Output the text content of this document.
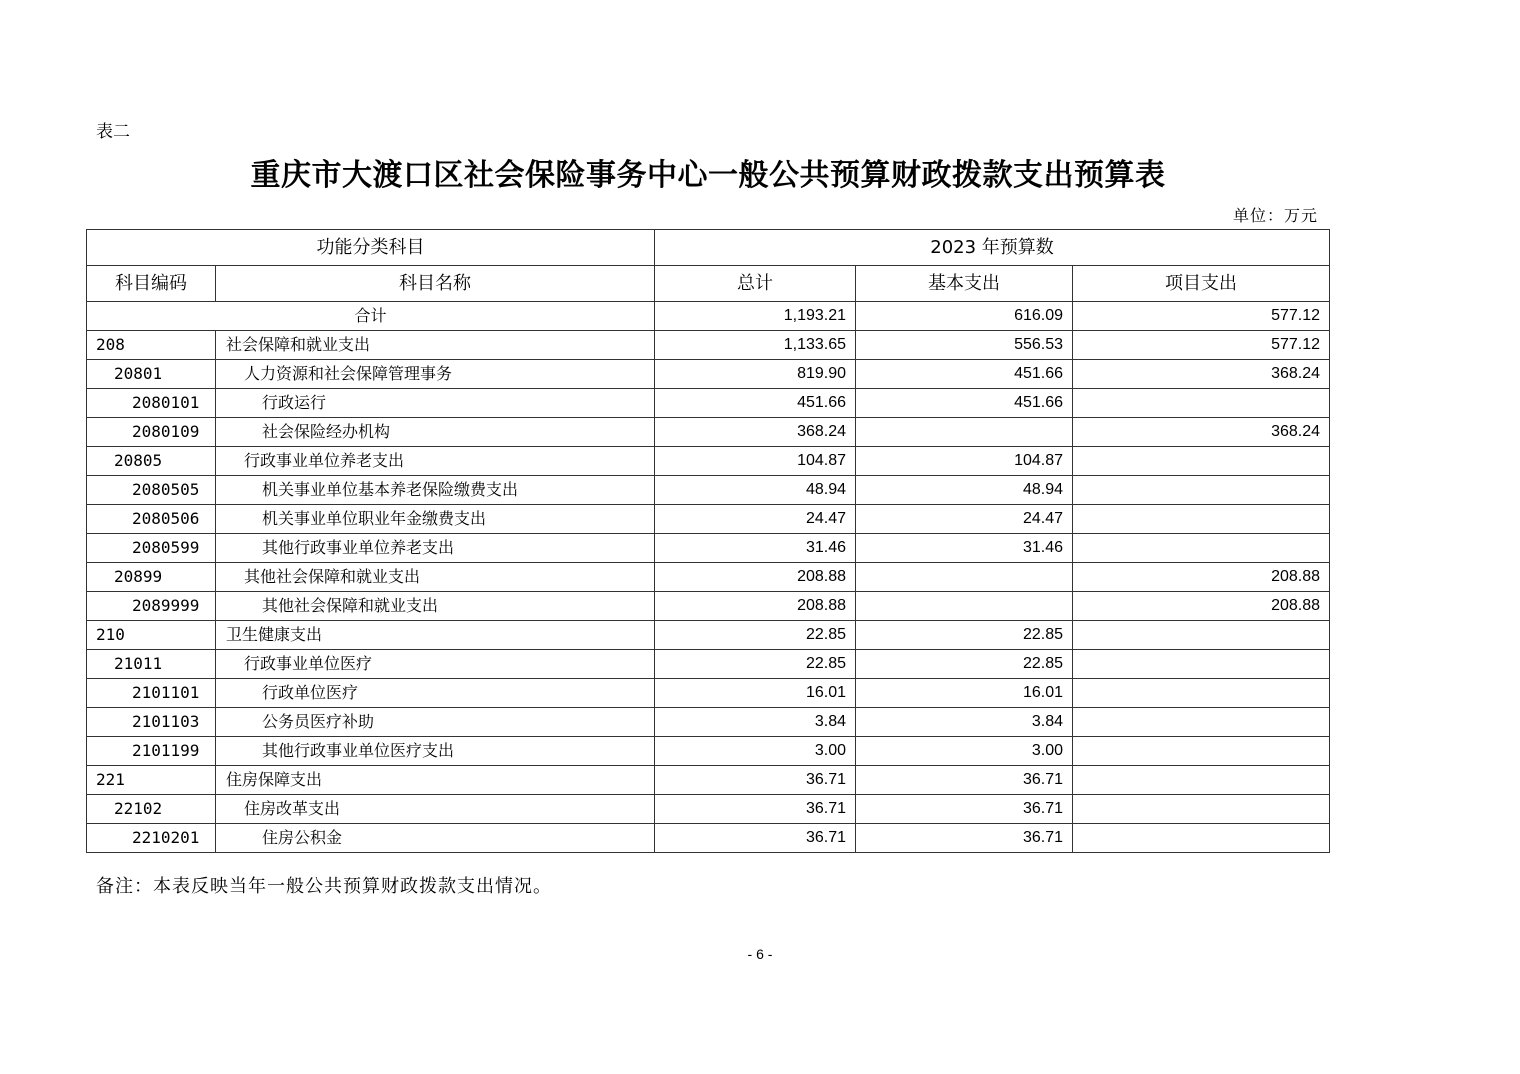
表二
重庆市大渡口区社会保险事务中心一般公共预算财政拨款支出预算表
单位：万元
功能分类科目		2023 年预算数		
科目编码	科目名称	总计	基本支出	项目支出
合计		1,193.21	616.09	577.12
208	社会保障和就业支出	1,133.65	556.53	577.12
20801	人力资源和社会保障管理事务	819.90	451.66	368.24
2080101	行政运行	451.66	451.66	
2080109	社会保险经办机构	368.24		368.24
20805	行政事业单位养老支出	104.87	104.87	
2080505	机关事业单位基本养老保险缴费支出	48.94	48.94	
2080506	机关事业单位职业年金缴费支出	24.47	24.47	
2080599	其他行政事业单位养老支出	31.46	31.46	
20899	其他社会保障和就业支出	208.88		208.88
2089999	其他社会保障和就业支出	208.88		208.88
210	卫生健康支出	22.85	22.85	
21011	行政事业单位医疗	22.85	22.85	
2101101	行政单位医疗	16.01	16.01	
2101103	公务员医疗补助	3.84	3.84	
2101199	其他行政事业单位医疗支出	3.00	3.00	
221	住房保障支出	36.71	36.71	
22102	住房改革支出	36.71	36.71	
2210201	住房公积金	36.71	36.71	
备注：本表反映当年一般公共预算财政拨款支出情况。
- 6 -
